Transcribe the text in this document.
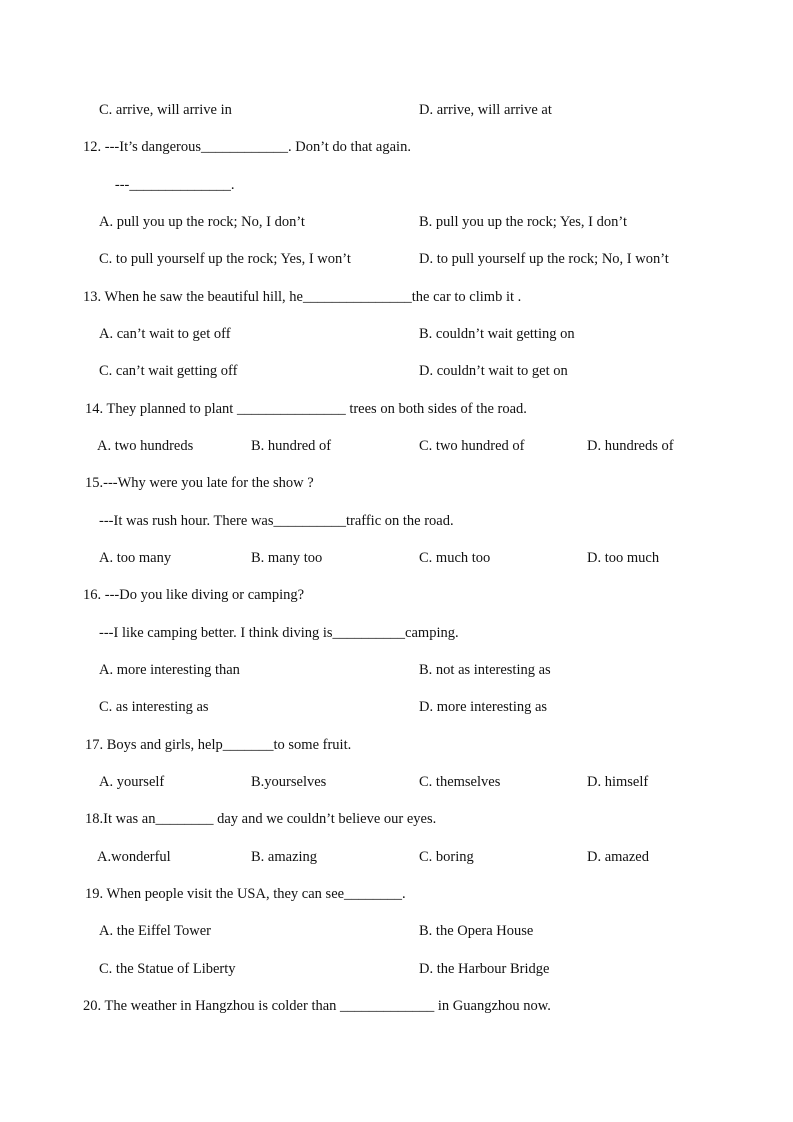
C. arrive, will arrive in	D. arrive, will arrive at
12. ---It’s dangerous____________. Don’t do that again.
---______________.
A. pull you up the rock; No, I don’t	B. pull you up the rock; Yes, I don’t
C. to pull yourself up the rock; Yes, I won’t	D. to pull yourself up the rock; No, I won’t
13. When he saw the beautiful hill, he_______________the car to climb it .
A. can’t wait to get off	B. couldn’t wait getting on
C. can’t wait getting off	D. couldn’t wait to get on
14. They planned to plant _______________ trees on both sides of the road.
A. two hundreds	B. hundred of	C. two hundred of	D. hundreds of
15.---Why were you late for the show ?
---It was rush hour. There was__________traffic on the road.
A. too many	B. many too	C. much too	D. too much
16. ---Do you like diving or camping?
---I like camping better. I think diving is__________camping.
A. more interesting than	B. not as interesting as
C. as interesting as	D. more interesting as
17. Boys and girls, help_______to some fruit.
A. yourself	B.yourselves	C. themselves	D. himself
18.It was an________ day and we couldn’t believe our eyes.
A.wonderful	B. amazing	C. boring	D. amazed
19. When people visit the USA, they can see________.
A. the Eiffel Tower	B. the Opera House
C. the Statue of Liberty	D. the Harbour Bridge
20. The weather in Hangzhou is colder than _____________ in Guangzhou now.
